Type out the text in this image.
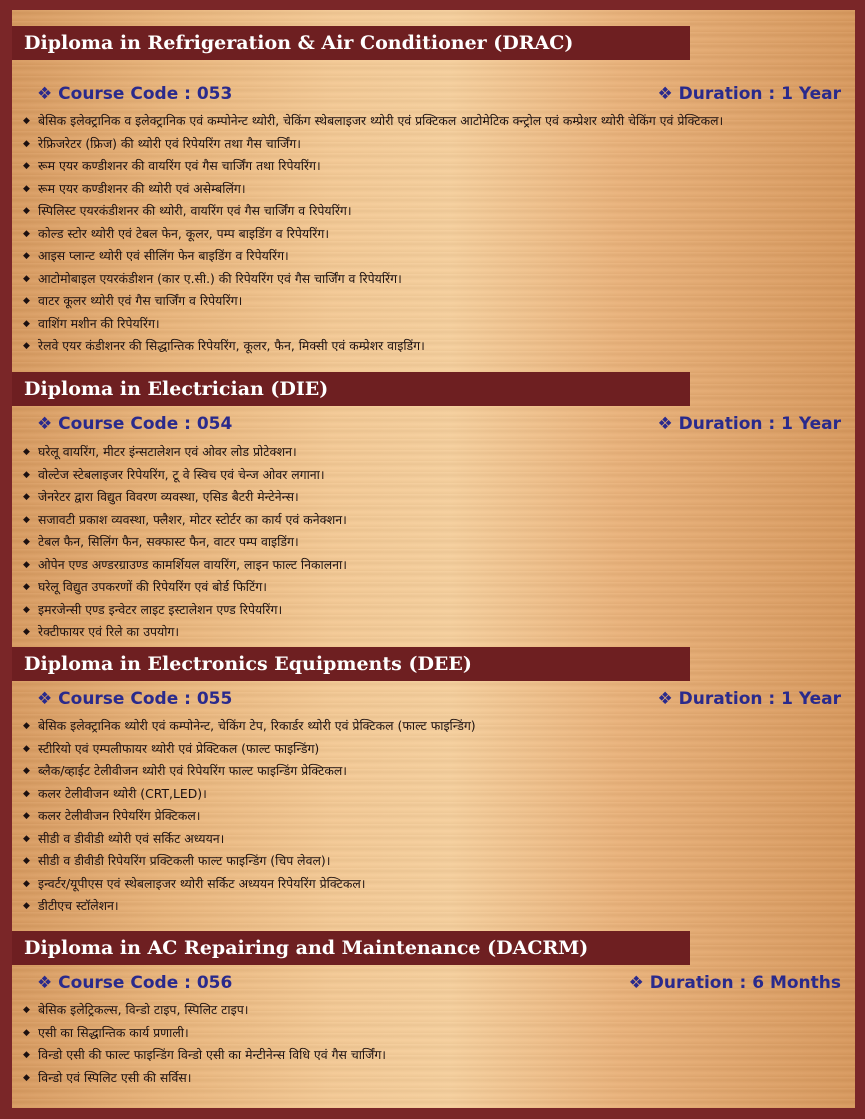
Diploma in Refrigeration & Air Conditioner (DRAC)
❖ Course Code : 053	❖ Duration : 1 Year
◆ बेसिक इलेक्ट्रानिक व इलेक्ट्रानिक एवं कम्पोनेन्ट थ्योरी, चेकिंग स्थेबलाइजर थ्योरी एवं प्रक्टिकल आटोमेटिक क्न्ट्रोल एवं कम्प्रेशर थ्योरी चेकिंग एवं प्रेक्टिकल।
◆ रेफ्रिजरेटर (फ्रिज) की थ्योरी एवं रिपेयरिंग तथा गैस चार्जिंग।
◆ रूम एयर कण्डीशनर की वायरिंग एवं गैस चार्जिंग तथा रिपेयरिंग।
◆ रूम एयर कण्डीशनर की थ्योरी एवं असेम्बलिंग।
◆ स्पिलिस्ट एयरकंडीशनर की थ्योरी, वायरिंग एवं गैस चार्जिंग व रिपेयरिंग।
◆ कोल्ड स्टोर थ्योरी एवं टेबल फेन, कूलर, पम्प बाइडिंग व रिपेयरिंग।
◆ आइस प्लान्ट थ्योरी एवं सीलिंग फेन बाइडिंग व रिपेयरिंग।
◆ आटोमोबाइल एयरकंडीशन (कार ए.सी.) की रिपेयरिंग एवं गैस चार्जिंग व रिपेयरिंग।
◆ वाटर कूलर थ्योरी एवं गैस चार्जिंग व रिपेयरिंग।
◆ वाशिंग मशीन की रिपेयरिंग।
◆ रेलवे एयर कंडीशनर की सिद्धान्तिक रिपेयरिंग, कूलर, फैन, मिक्सी एवं कम्प्रेशर वाइडिंग।
Diploma in Electrician (DIE)
❖ Course Code : 054	❖ Duration : 1 Year
◆ घरेलू वायरिंग, मीटर इंन्सटालेशन एवं ओवर लोड प्रोटेक्शन।
◆ वोल्टेज स्टेबलाइजर रिपेयरिंग, टू वे स्विच एवं चेन्ज ओवर लगाना।
◆ जेनरेटर द्वारा विद्युत विवरण व्यवस्था, एसिड बैटरी मेन्टेनेन्स।
◆ सजावटी प्रकाश व्यवस्था, फ्लैशर, मोटर स्टोर्टर का कार्य एवं कनेक्शन।
◆ टेबल फैन, सिलिंग फैन, सक्फास्ट फैन, वाटर पम्प वाइडिंग।
◆ ओपेन एण्ड अण्डरग्राउण्ड कामर्शियल वायरिंग, लाइन फाल्ट निकालना।
◆ घरेलू विद्युत उपकरणों की रिपेयरिंग एवं बोर्ड फिटिंग।
◆ इमरजेन्सी एण्ड इन्वेटर लाइट इस्टालेशन एण्ड रिपेयरिंग।
◆ रेक्टीफायर एवं रिले का उपयोग।
Diploma in Electronics Equipments (DEE)
❖ Course Code : 055	❖ Duration : 1 Year
◆ बेसिक इलेक्ट्रानिक थ्योरी एवं कम्पोनेन्ट, चेकिंग टेप, रिकार्डर थ्योरी एवं प्रेक्टिकल (फाल्ट फाइन्डिंग)
◆ स्टीरियो एवं एम्पलीफायर थ्योरी एवं प्रेक्टिकल (फाल्ट फाइन्डिंग)
◆ ब्लैक/व्हाईट टेलीवीजन थ्योरी एवं रिपेयरिंग फाल्ट फाइन्डिंग प्रेक्टिकल।
◆ कलर टेलीवीजन थ्योरी (CRT,LED)।
◆ कलर टेलीवीजन रिपेयरिंग प्रेक्टिकल।
◆ सीडी व डीवीडी थ्योरी एवं सर्किट अध्ययन।
◆ सीडी व डीवीडी रिपेयरिंग प्रक्टिकली फाल्ट फाइन्डिंग (चिप लेवल)।
◆ इन्वर्टर/यूपीएस एवं स्थेबलाइजर थ्योरी सर्किट अध्ययन रिपेयरिंग प्रेक्टिकल।
◆ डीटीएच स्टॉलेशन।
Diploma in AC Repairing and Maintenance (DACRM)
❖ Course Code : 056	❖ Duration : 6 Months
◆ बेसिक इलेट्रिकल्स, विन्डो टाइप, स्पिलिट टाइप।
◆ एसी का सिद्धान्तिक कार्य प्रणाली।
◆ विन्डो एसी की फाल्ट फाइन्डिंग विन्डो एसी का मेन्टीनेन्स विधि एवं गैस चार्जिंग।
◆ विन्डो एवं स्पिलिट एसी की सर्विस।
